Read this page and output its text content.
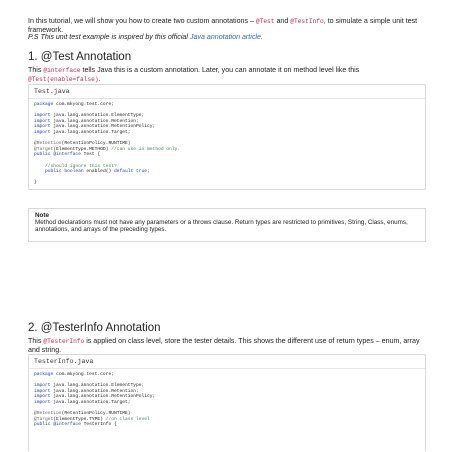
In this tutorial, we will show you how to create two custom annotations – @Test and @TestInfo, to simulate a simple unit test framework.
P.S This unit test example is inspired by this official Java annotation article.
1. @Test Annotation
This @interface tells Java this is a custom annotation. Later, you can annotate it on method level like this @Test(enable=false).
Test.java
package com.mkyong.test.core;
import java.lang.annotation.ElementType;
import java.lang.annotation.Retention;
import java.lang.annotation.RetentionPolicy;
import java.lang.annotation.Target;
@Retention(RetentionPolicy.RUNTIME)
@Target(ElementType.METHOD) //can use in method only.
public @interface Test {
//should ignore this test?
public boolean enabled() default true;
}
Note
Method declarations must not have any parameters or a throws clause. Return types are restricted to primitives, String, Class, enums, annotations, and arrays of the preceding types.
2. @TesterInfo Annotation
This @TesterInfo is applied on class level, store the tester details. This shows the different use of return types – enum, array and string.
TesterInfo.java
package com.mkyong.test.core;
import java.lang.annotation.ElementType;
import java.lang.annotation.Retention;
import java.lang.annotation.RetentionPolicy;
import java.lang.annotation.Target;
@Retention(RetentionPolicy.RUNTIME)
@Target(ElementType.TYPE) //on class level
public @interface TesterInfo {
